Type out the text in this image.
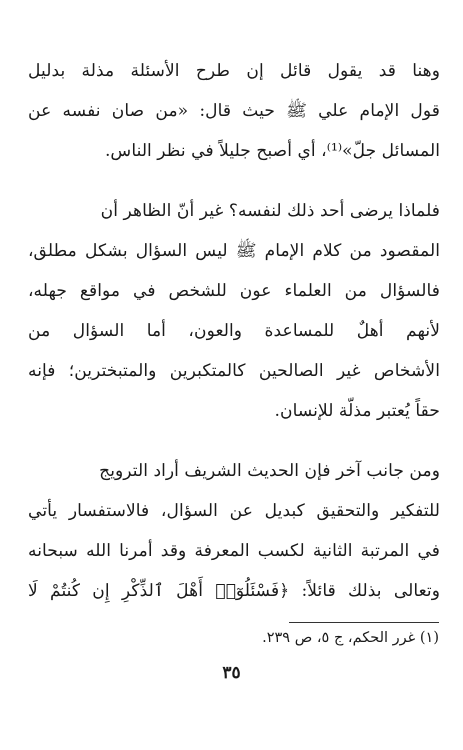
وهنا قد يقول قائل إن طرح الأسئلة مذلة بدليل
قول الإمام علي ﷺ حيث قال: «من صان نفسه عن
المسائل جلّ»⁽¹⁾، أي أصبح جليلاً في نظر الناس.
فلماذا يرضى أحد ذلك لنفسه؟ غير أنّ الظاهر أن
المقصود من كلام الإمام ﷺ ليس السؤال بشكل مطلق،
فالسؤال من العلماء عون للشخص في مواقع جهله،
لأنهم أهلٌ للمساعدة والعون، أما السؤال من
الأشخاص غير الصالحين كالمتكبرين والمتبخترين؛ فإنه
حقاً يُعتبر مذلّة للإنسان.
ومن جانب آخر فإن الحديث الشريف أراد الترويج
للتفكير والتحقيق كبديل عن السؤال، فالاستفسار يأتي
في المرتبة الثانية لكسب المعرفة وقد أمرنا الله سبحانه
وتعالى بذلك قائلاً: ﴿فَسْئَلُوٓا۟ أَهْلَ ٱلذِّكْرِ إِن كُنتُمْ لَا
(١) غرر الحكم، ج ٥، ص ٢٣٩.
٣٥
